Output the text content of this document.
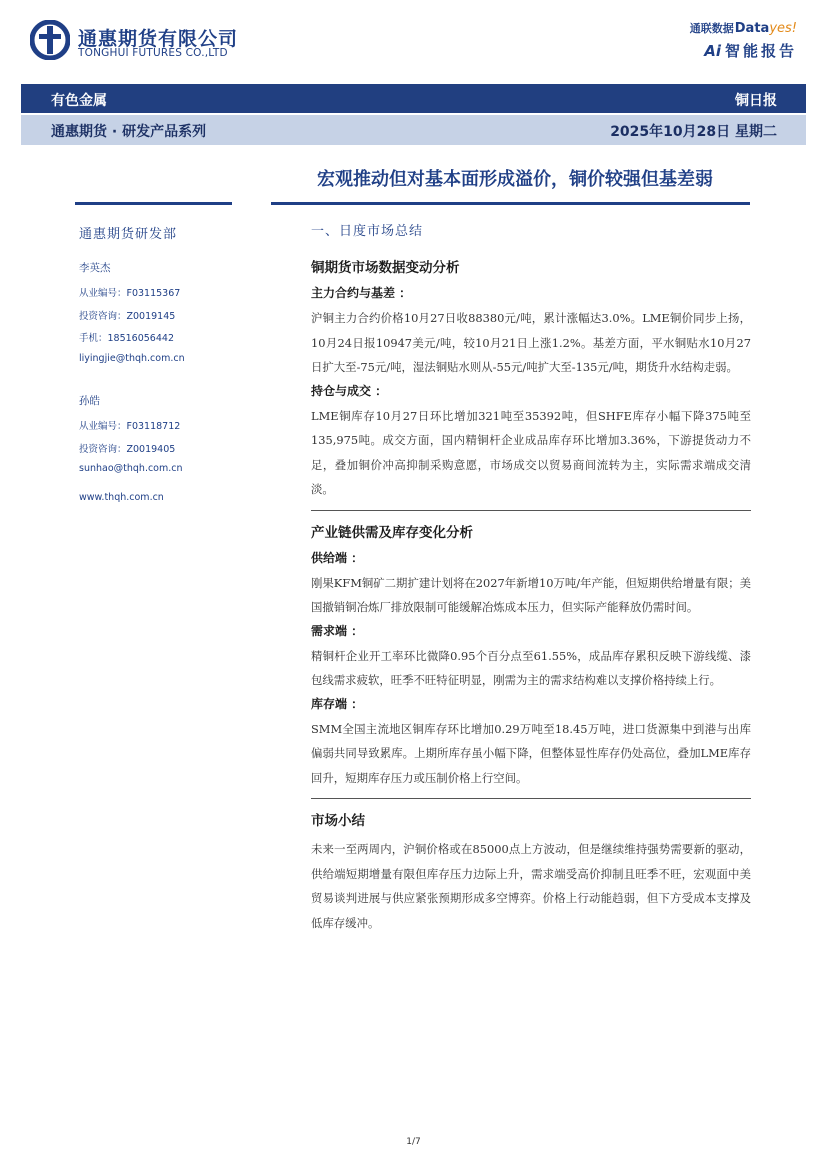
通惠期货有限公司
TONGHUI FUTURES CO.,LTD
通联数据Datayes!
Ai 智能报告
有色金属	铜日报
通惠期货 · 研发产品系列	2025年10月28日 星期二
宏观推动但对基本面形成溢价，铜价较强但基差弱
通惠期货研发部
李英杰
从业编号：F03115367
投资咨询：Z0019145
手机：18516056442
liyingjie@thqh.com.cn
孙皓
从业编号：F03118712
投资咨询：Z0019405
sunhao@thqh.com.cn
www.thqh.com.cn
一、日度市场总结
铜期货市场数据变动分析
主力合约与基差 ：
沪铜主力合约价格10月27日收88380元/吨，累计涨幅达3.0%。LME铜价同步上扬，10月24日报10947美元/吨，较10月21日上涨1.2%。基差方面，平水铜贴水10月27日扩大至-75元/吨，湿法铜贴水则从-55元/吨扩大至-135元/吨，期货升水结构走弱。
持仓与成交 ：
LME铜库存10月27日环比增加321吨至35392吨，但SHFE库存小幅下降375吨至135,975吨。成交方面，国内精铜杆企业成品库存环比增加3.36%，下游提货动力不足，叠加铜价冲高抑制采购意愿，市场成交以贸易商间流转为主，实际需求端成交清淡。
产业链供需及库存变化分析
供给端 ：
刚果KFM铜矿二期扩建计划将在2027年新增10万吨/年产能，但短期供给增量有限；美国撤销铜冶炼厂排放限制可能缓解冶炼成本压力，但实际产能释放仍需时间。
需求端 ：
精铜杆企业开工率环比微降0.95个百分点至61.55%，成品库存累积反映下游线缆、漆包线需求疲软，旺季不旺特征明显，刚需为主的需求结构难以支撑价格持续上行。
库存端 ：
SMM全国主流地区铜库存环比增加0.29万吨至18.45万吨，进口货源集中到港与出库偏弱共同导致累库。上期所库存虽小幅下降，但整体显性库存仍处高位，叠加LME库存回升，短期库存压力或压制价格上行空间。
市场小结
未来一至两周内，沪铜价格或在85000点上方波动，但是继续维持强势需要新的驱动，供给端短期增量有限但库存压力边际上升，需求端受高价抑制且旺季不旺，宏观面中美贸易谈判进展与供应紧张预期形成多空博弈。价格上行动能趋弱，但下方受成本支撑及低库存缓冲。
1/7
